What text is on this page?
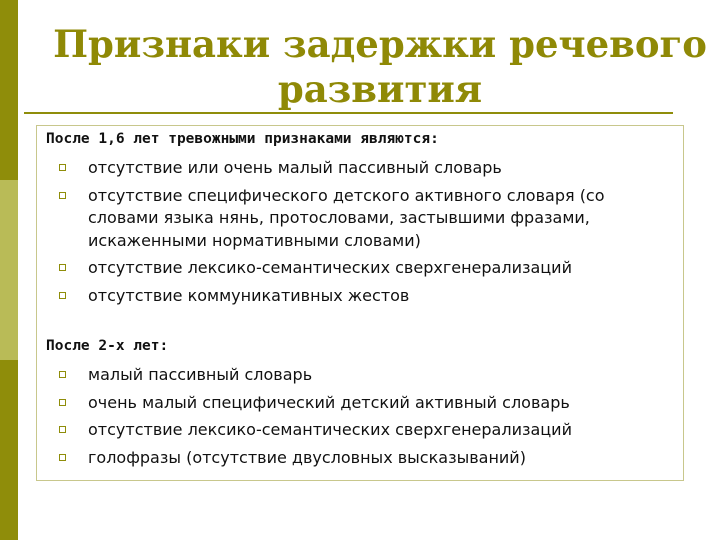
Признаки задержки речевого
развития
После 1,6 лет тревожными признаками являются:
отсутствие или очень малый пассивный словарь
отсутствие специфического детского активного словаря (со словами языка нянь, протословами, застывшими фразами, искаженными нормативными словами)
отсутствие лексико-семантических сверхгенерализаций
отсутствие коммуникативных жестов
После 2-х лет:
малый пассивный словарь
очень малый специфический детский активный словарь
отсутствие лексико-семантических сверхгенерализаций
голофразы (отсутствие двусловных высказываний)
